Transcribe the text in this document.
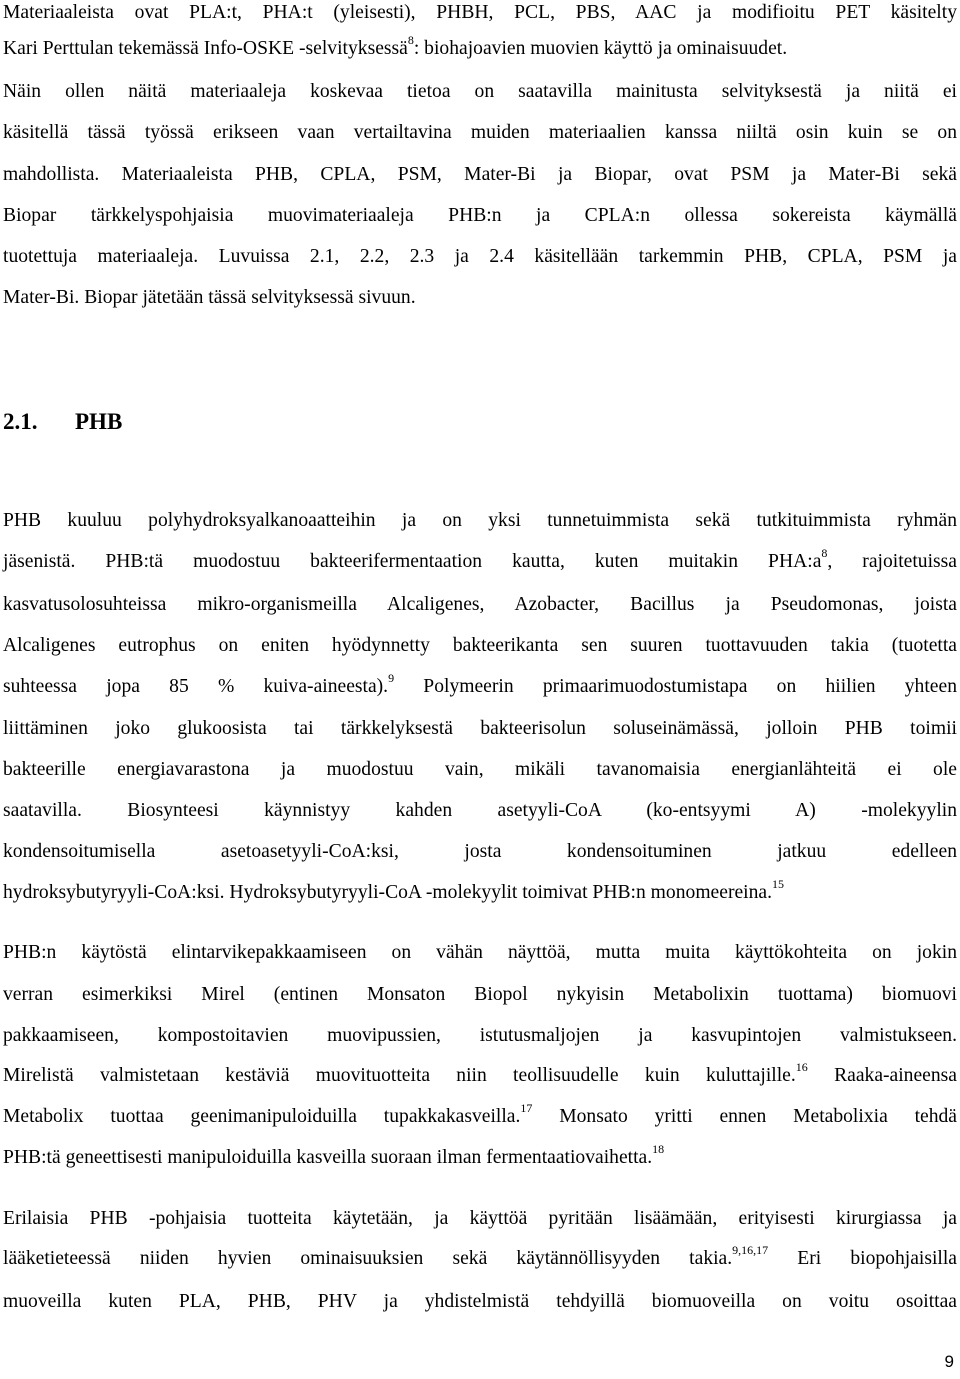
Materiaaleista ovat PLA:t, PHA:t (yleisesti), PHBH, PCL, PBS, AAC ja modifioitu PET käsitelty
Kari Perttulan tekemässä Info-OSKE -selvityksessä$^8$: biohajoavien muovien käyttö ja ominaisuudet.
Näin ollen näitä materiaaleja koskevaa tietoa on saatavilla mainitusta selvityksestä ja niitä ei
käsitellä tässä työssä erikseen vaan vertailtavina muiden materiaalien kanssa niiltä osin kuin se on
mahdollista. Materiaaleista PHB, CPLA, PSM, Mater-Bi ja Biopar, ovat PSM ja Mater-Bi sekä
Biopar tärkkelyspohjaisia muovimateriaaleja PHB:n ja CPLA:n ollessa sokereista käymällä
tuotettuja materiaaleja. Luvuissa 2.1, 2.2, 2.3 ja 2.4 käsitellään tarkemmin PHB, CPLA, PSM ja
Mater-Bi. Biopar jätetään tässä selvityksessä sivuun.
2.1. PHB
PHB kuuluu polyhydroksyalkanoaatteihin ja on yksi tunnetuimmista sekä tutkituimmista ryhmän
jäsenistä. PHB:tä muodostuu bakteerifermentaation kautta, kuten muitakin $PHA:a^8$, rajoitetuissa
kasvatusolosuhteissa mikro-organismeilla Alcaligenes, Azobacter, Bacillus ja Pseudomonas, joista
Alcaligenes eutrophus on eniten hyödynnetty bakteerikanta sen suuren tuottavuuden takia (tuotetta
suhteessa jopa 85 % kuiva-aineesta).$^9$ Polymeerin primaarimuodostumistapa on hiilien yhteen
liittäminen joko glukoosista tai tärkkelyksestä bakteerisolun soluseinämässä, jolloin PHB toimii
bakteerille energiavarastona ja muodostuu vain, mikäli tavanomaisia energianlähteitä ei ole
saatavilla. Biosynteesi käynnistyy kahden asetyyli-CoA (ko-entsyymi A) -molekyylin
kondensoitumisella asetoasetyyli-CoA:ksi, josta kondensoituminen jatkuu edelleen
hydroksybutyryyli-CoA:ksi. Hydroksybutyryyli-CoA -molekyylit toimivat PHB:n monomeereina.$^{15}$
PHB:n käytöstä elintarvikepakkaamiseen on vähän näyttöä, mutta muita käyttökohteita on jokin
verran esimerkiksi Mirel (entinen Monsaton Biopol nykyisin Metabolixin tuottama) biomuovi
pakkaamiseen, kompostoitavien muovipussien, istutusmaljojen ja kasvupintojen valmistukseen.
Mirelistä valmistetaan kestäviä muovituotteita niin teollisuudelle kuin kuluttajille.$^{16}$ Raaka-aineensa
Metabolix tuottaa geenimanipuloiduilla tupakkakasveilla.$^{17}$ Monsato yritti ennen Metabolixia tehdä
PHB:tä geneettisesti manipuloiduilla kasveilla suoraan ilman fermentaatiovaihetta.$^{18}$
Erilaisia PHB -pohjaisia tuotteita käytetään, ja käyttöä pyritään lisäämään, erityisesti kirurgiassa ja
lääketieteessä niiden hyvien ominaisuuksien sekä käytännöllisyyden takia.$^{9,16,17}$ Eri biopohjaisilla
muoveilla kuten PLA, PHB, PHV ja yhdistelmistä tehdyillä biomuoveilla on voitu osoittaa
9
